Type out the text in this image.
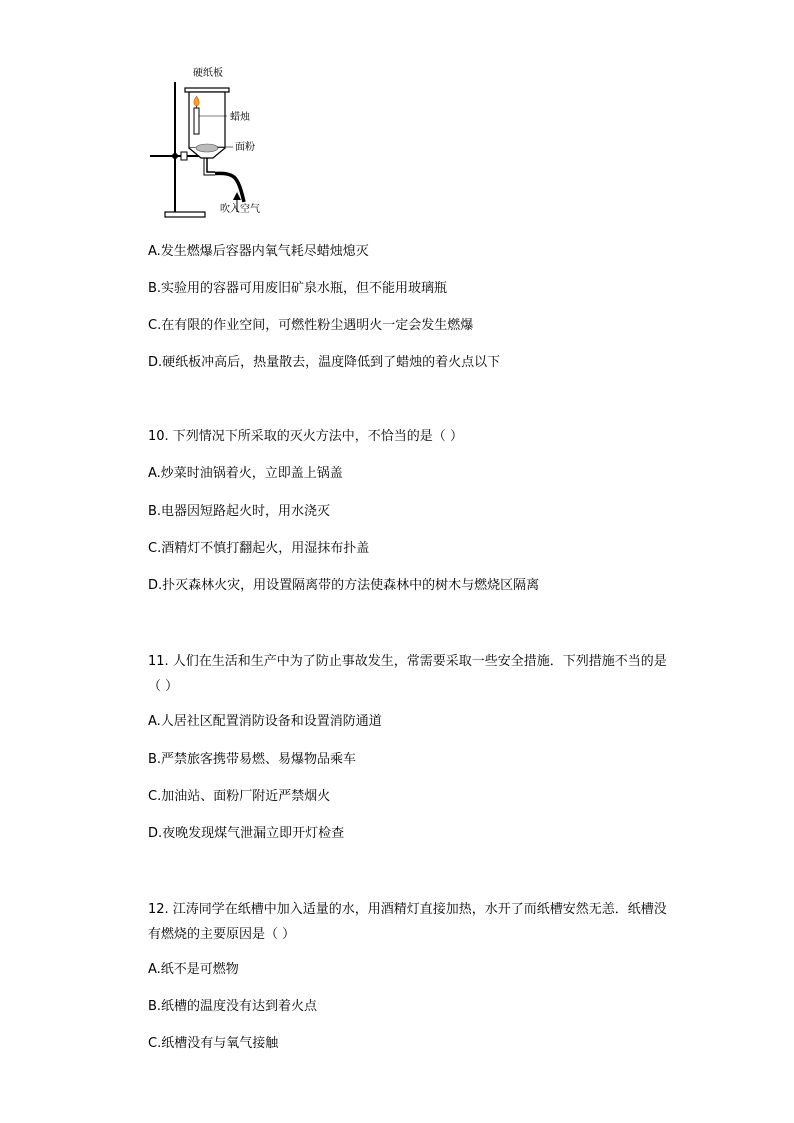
硬纸板
蜡烛
面粉
吹入空气
A.发生燃爆后容器内氧气耗尽蜡烛熄灭
B.实验用的容器可用废旧矿泉水瓶，但不能用玻璃瓶
C.在有限的作业空间，可燃性粉尘遇明火一定会发生燃爆
D.硬纸板冲高后，热量散去，温度降低到了蜡烛的着火点以下
10. 下列情况下所采取的灭火方法中，不恰当的是（ ）
A.炒菜时油锅着火，立即盖上锅盖
B.电器因短路起火时，用水浇灭
C.酒精灯不慎打翻起火，用湿抹布扑盖
D.扑灭森林火灾，用设置隔离带的方法使森林中的树木与燃烧区隔离
11. 人们在生活和生产中为了防止事故发生，常需要采取一些安全措施．下列措施不当的是（ ）
A.人居社区配置消防设备和设置消防通道
B.严禁旅客携带易燃、易爆物品乘车
C.加油站、面粉厂附近严禁烟火
D.夜晚发现煤气泄漏立即开灯检查
12. 江涛同学在纸槽中加入适量的水，用酒精灯直接加热，水开了而纸槽安然无恙．纸槽没有燃烧的主要原因是（ ）
A.纸不是可燃物
B.纸槽的温度没有达到着火点
C.纸槽没有与氧气接触
